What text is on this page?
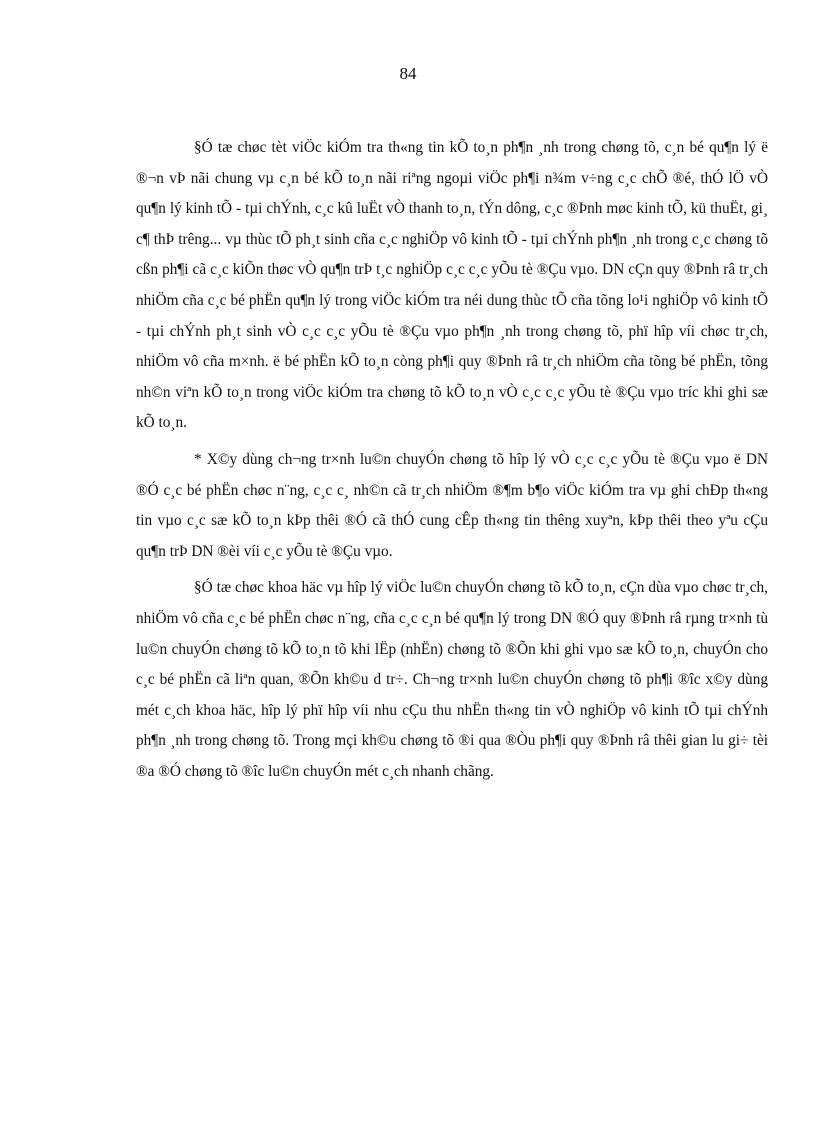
84

§Ó tæ chøc tèt viÖc kiÓm tra th«ng tin kÕ to¸n ph¶n ¸nh trong chøng tõ, c¸n bé qu¶n lý ë ®¬n vÞ nãi chung vµ c¸n bé kÕ to¸n nãi riªng ngoµi viÖc ph¶i n¾m v÷ng c¸c chÕ ®é, thÓ lÖ vÒ qu¶n lý kinh tÕ - tµi chÝnh, c¸c kû luËt vÒ thanh to¸n, tÝn dông, c¸c ®Þnh møc kinh tÕ, kü thuËt, gi¸ c¶ thÞ trêng... vµ thùc tÕ ph¸t sinh cña c¸c nghiÖp vô kinh tÕ - tµi chÝnh ph¶n ¸nh trong c¸c chøng tõ cßn ph¶i cã c¸c kiÕn thøc vÒ qu¶n trÞ t¸c nghiÖp c¸c c¸c yÕu tè ®Çu vµo. DN cÇn quy ®Þnh râ tr¸ch nhiÖm cña c¸c bé phËn qu¶n lý trong viÖc kiÓm tra néi dung thùc tÕ cña tõng lo¹i nghiÖp vô kinh tÕ - tµi chÝnh ph¸t sinh vÒ c¸c c¸c yÕu tè ®Çu vµo ph¶n ¸nh trong chøng tõ, phï hîp víi chøc tr¸ch, nhiÖm vô cña m×nh. ë bé phËn kÕ to¸n còng ph¶i quy ®Þnh râ tr¸ch nhiÖm cña tõng bé phËn, tõng nh©n viªn kÕ to¸n trong viÖc kiÓm tra chøng tõ kÕ to¸n vÒ c¸c c¸c yÕu tè ®Çu vµo tríc khi ghi sæ kÕ to¸n.

* X©y dùng ch¬ng tr×nh lu©n chuyÓn chøng tõ hîp lý vÒ c¸c c¸c yÕu tè ®Çu vµo ë DN ®Ó c¸c bé phËn chøc n¨ng, c¸c c¸ nh©n cã tr¸ch nhiÖm ®¶m b¶o viÖc kiÓm tra vµ ghi chÐp th«ng tin vµo c¸c sæ kÕ to¸n kÞp thêi ®Ó cã thÓ cung cÊp th«ng tin thêng xuyªn, kÞp thêi theo yªu cÇu qu¶n trÞ DN ®èi víi c¸c yÕu tè ®Çu vµo.

§Ó tæ chøc khoa häc vµ hîp lý viÖc lu©n chuyÓn chøng tõ kÕ to¸n, cÇn dùa vµo chøc tr¸ch, nhiÖm vô cña c¸c bé phËn chøc n¨ng, cña c¸c c¸n bé qu¶n lý trong DN ®Ó quy ®Þnh râ rµng tr×nh tù lu©n chuyÓn chøng tõ kÕ to¸n tõ khi lËp (nhËn) chøng tõ ®Õn khi ghi vµo sæ kÕ to¸n, chuyÓn cho c¸c bé phËn cã liªn quan, ®Õn kh©u d tr÷. Ch¬ng tr×nh lu©n chuyÓn chøng tõ ph¶i ®îc x©y dùng mét c¸ch khoa häc, hîp lý phï hîp víi nhu cÇu thu nhËn th«ng tin vÒ nghiÖp vô kinh tÕ tµi chÝnh ph¶n ¸nh trong chøng tõ. Trong mçi kh©u chøng tõ ®i qua ®Òu ph¶i quy ®Þnh râ thêi gian lu gi÷ tèi ®a ®Ó chøng tõ ®îc lu©n chuyÓn mét c¸ch nhanh chãng.
